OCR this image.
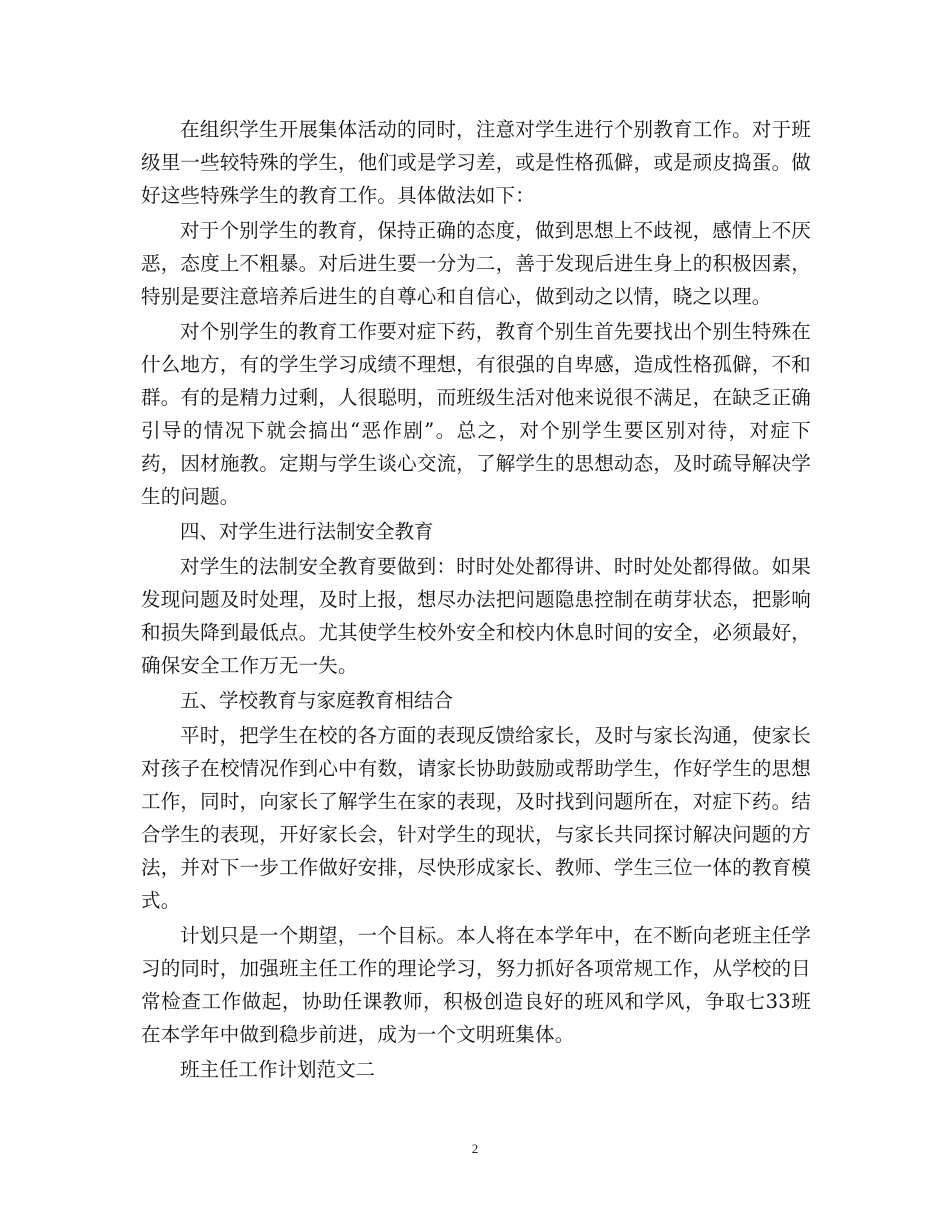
在组织学生开展集体活动的同时，注意对学生进行个别教育工作。对于班级里一些较特殊的学生，他们或是学习差，或是性格孤僻，或是顽皮捣蛋。做好这些特殊学生的教育工作。具体做法如下：

对于个别学生的教育，保持正确的态度，做到思想上不歧视，感情上不厌恶，态度上不粗暴。对后进生要一分为二，善于发现后进生身上的积极因素，特别是要注意培养后进生的自尊心和自信心，做到动之以情，晓之以理。

对个别学生的教育工作要对症下药，教育个别生首先要找出个别生特殊在什么地方，有的学生学习成绩不理想，有很强的自卑感，造成性格孤僻，不和群。有的是精力过剩，人很聪明，而班级生活对他来说很不满足，在缺乏正确引导的情况下就会搞出“恶作剧”。总之，对个别学生要区别对待，对症下药，因材施教。定期与学生谈心交流，了解学生的思想动态，及时疏导解决学生的问题。

四、对学生进行法制安全教育

对学生的法制安全教育要做到：时时处处都得讲、时时处处都得做。如果发现问题及时处理，及时上报，想尽办法把问题隐患控制在萌芽状态，把影响和损失降到最低点。尤其使学生校外安全和校内休息时间的安全，必须最好，确保安全工作万无一失。

五、学校教育与家庭教育相结合

平时，把学生在校的各方面的表现反馈给家长，及时与家长沟通，使家长对孩子在校情况作到心中有数，请家长协助鼓励或帮助学生，作好学生的思想工作，同时，向家长了解学生在家的表现，及时找到问题所在，对症下药。结合学生的表现，开好家长会，针对学生的现状，与家长共同探讨解决问题的方法，并对下一步工作做好安排，尽快形成家长、教师、学生三位一体的教育模式。

计划只是一个期望，一个目标。本人将在本学年中，在不断向老班主任学习的同时，加强班主任工作的理论学习，努力抓好各项常规工作，从学校的日常检查工作做起，协助任课教师，积极创造良好的班风和学风，争取七33班在本学年中做到稳步前进，成为一个文明班集体。

班主任工作计划范文二

2
